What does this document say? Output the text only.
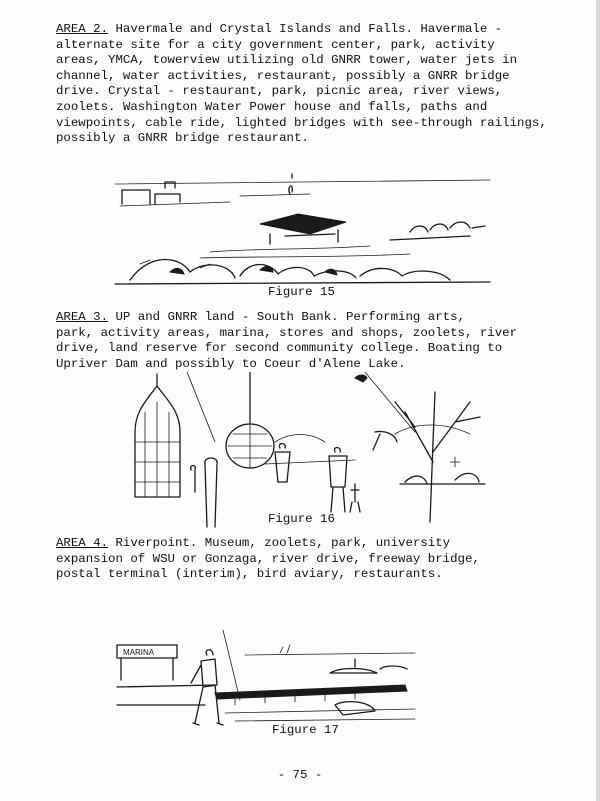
AREA 2. Havermale and Crystal Islands and Falls. Havermale -
alternate site for a city government center, park, activity
areas, YMCA, towerview utilizing old GNRR tower, water jets in
channel, water activities, restaurant, possibly a GNRR bridge
drive. Crystal - restaurant, park, picnic area, river views,
zoolets. Washington Water Power house and falls, paths and
viewpoints, cable ride, lighted bridges with see-through railings,
possibly a GNRR bridge restaurant.
Figure 15
AREA 3. UP and GNRR land - South Bank. Performing arts,
park, activity areas, marina, stores and shops, zoolets, river
drive, land reserve for second community college. Boating to
Upriver Dam and possibly to Coeur d'Alene Lake.
Figure 16
AREA 4. Riverpoint. Museum, zoolets, park, university
expansion of WSU or Gonzaga, river drive, freeway bridge,
postal terminal (interim), bird aviary, restaurants.
MARINA
Figure 17
- 75 -
